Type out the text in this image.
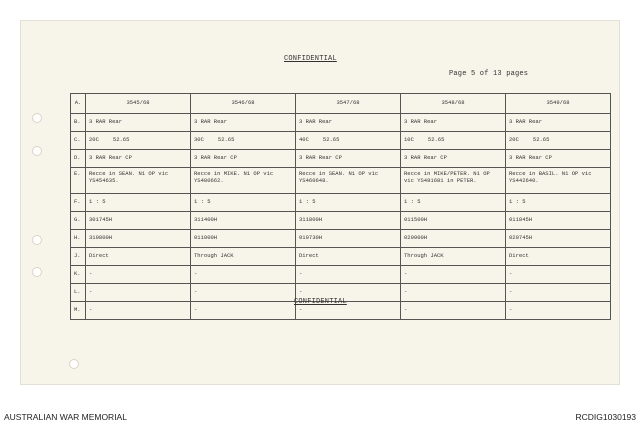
CONFIDENTIAL
Page 5 of 13 pages
A.	3545/68	3546/68	3547/68	3548/68	3549/68
B.	3 RAR Rear	3 RAR Rear	3 RAR Rear	3 RAR Rear	3 RAR Rear
C.	20C 52.65	30C 52.65	40C 52.65	10C 52.65	20C 52.65
D.	3 RAR Rear CP	3 RAR Rear CP	3 RAR Rear CP	3 RAR Rear CP	3 RAR Rear CP
E.	Recce in SEAN. N1 OP vic YS454635.	Recce in MIKE. N1 OP vic YS480662.	Recce in SEAN. N1 OP vic YS460648.	Recce in MIKE/PETER. N1 OP vic YS481681 in PETER.	Recce in BASIL. N1 OP vic YS442640.
F.	1 : 5	1 : 5	1 : 5	1 : 5	1 : 5
G.	301745H	311400H	311800H	011500H	011845H
H.	310800H	011000H	010730H	020900H	020745H
J.	Direct	Through JACK	Direct	Through JACK	Direct
K.	-	-	-	-	-
L.	-	-	-	-	-
M.	-	-	-	-	-
CONFIDENTIAL
AUSTRALIAN WAR MEMORIAL	RCDIG1030193
